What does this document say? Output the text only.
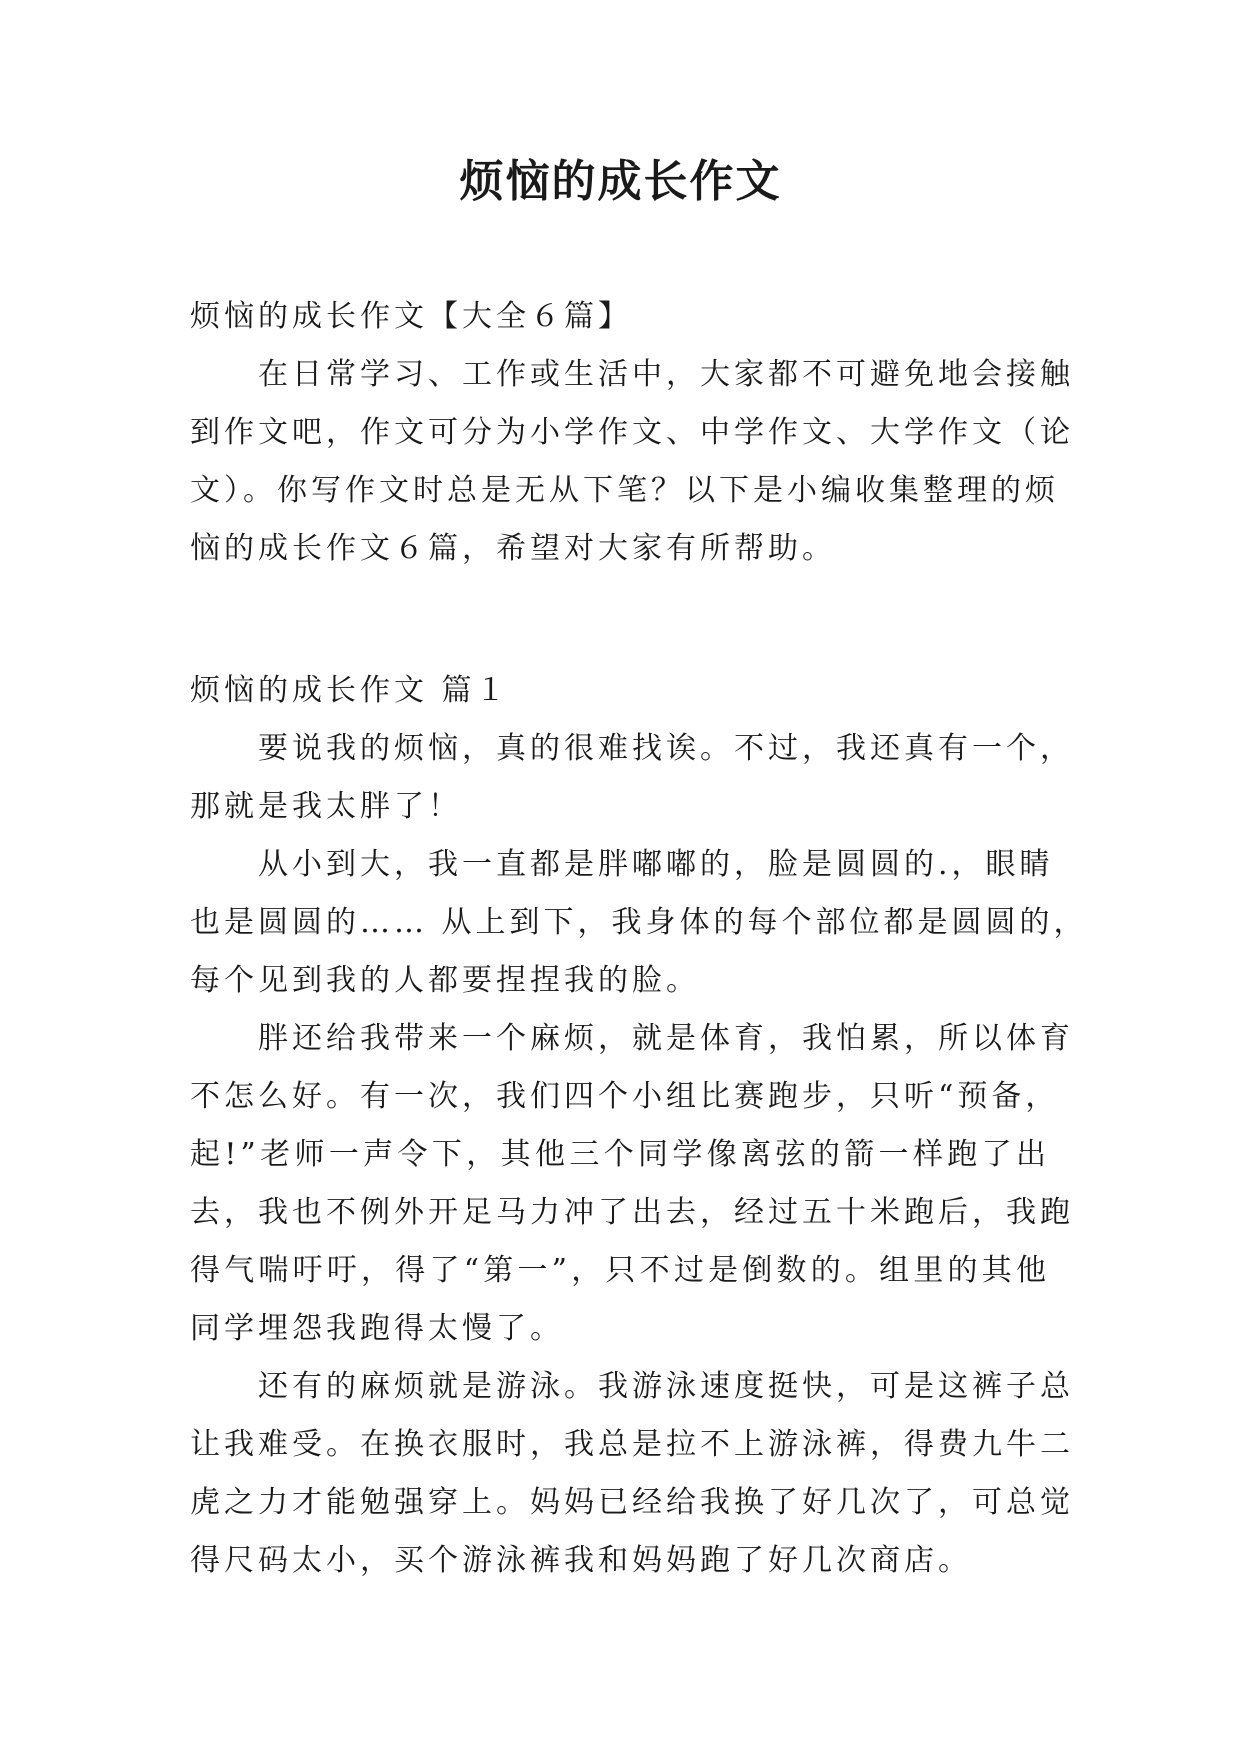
烦恼的成长作文
烦恼的成长作文【大全６篇】
　　在日常学习、工作或生活中，大家都不可避免地会接触
到作文吧，作文可分为小学作文、中学作文、大学作文（论
文）。你写作文时总是无从下笔？以下是小编收集整理的烦
恼的成长作文６篇，希望对大家有所帮助。
烦恼的成长作文 篇１
　　要说我的烦恼，真的很难找诶。不过，我还真有一个，
那就是我太胖了！
　　从小到大，我一直都是胖嘟嘟的，脸是圆圆的.，眼睛
也是圆圆的…… 从上到下，我身体的每个部位都是圆圆的，
每个见到我的人都要捏捏我的脸。
　　胖还给我带来一个麻烦，就是体育，我怕累，所以体育
不怎么好。有一次，我们四个小组比赛跑步，只听“预备，
起!”老师一声令下，其他三个同学像离弦的箭一样跑了出
去，我也不例外开足马力冲了出去，经过五十米跑后，我跑
得气喘吁吁，得了“第一”，只不过是倒数的。组里的其他
同学埋怨我跑得太慢了。
　　还有的麻烦就是游泳。我游泳速度挺快，可是这裤子总
让我难受。在换衣服时，我总是拉不上游泳裤，得费九牛二
虎之力才能勉强穿上。妈妈已经给我换了好几次了，可总觉
得尺码太小，买个游泳裤我和妈妈跑了好几次商店。
